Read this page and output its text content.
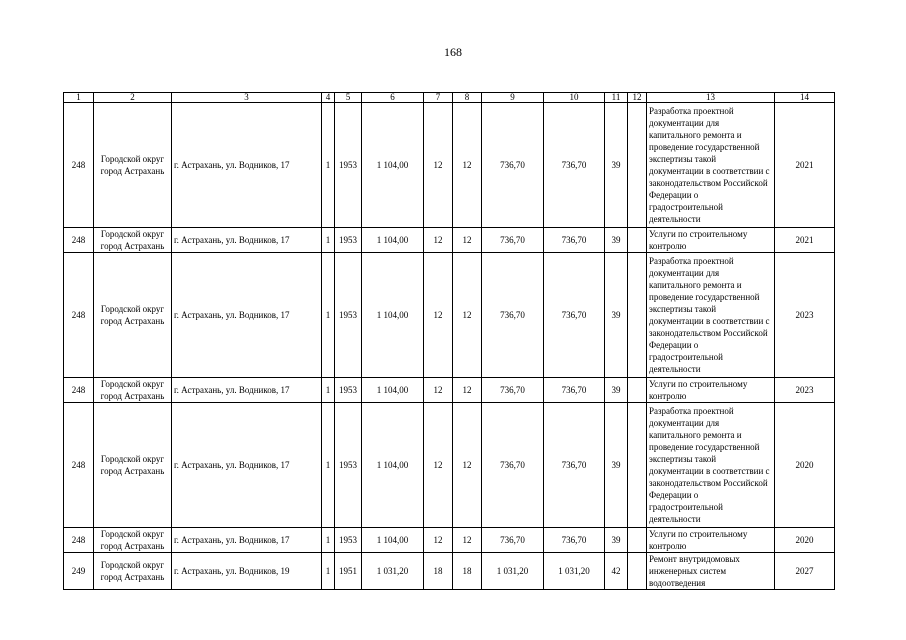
168
1	2	3	4	5	6	7	8	9	10	11	12	13	14
248	Городской округ город Астрахань	г. Астрахань, ул. Водников, 17	1	1953	1 104,00	12	12	736,70	736,70	39		Разработка проектной документации для капитального ремонта и проведение государственной экспертизы такой документации в соответствии с законодательством Российской Федерации о градостроительной деятельности	2021
248	Городской округ город Астрахань	г. Астрахань, ул. Водников, 17	1	1953	1 104,00	12	12	736,70	736,70	39		Услуги по строительному контролю	2021
248	Городской округ город Астрахань	г. Астрахань, ул. Водников, 17	1	1953	1 104,00	12	12	736,70	736,70	39		Разработка проектной документации для капитального ремонта и проведение государственной экспертизы такой документации в соответствии с законодательством Российской Федерации о градостроительной деятельности	2023
248	Городской округ город Астрахань	г. Астрахань, ул. Водников, 17	1	1953	1 104,00	12	12	736,70	736,70	39		Услуги по строительному контролю	2023
248	Городской округ город Астрахань	г. Астрахань, ул. Водников, 17	1	1953	1 104,00	12	12	736,70	736,70	39		Разработка проектной документации для капитального ремонта и проведение государственной экспертизы такой документации в соответствии с законодательством Российской Федерации о градостроительной деятельности	2020
248	Городской округ город Астрахань	г. Астрахань, ул. Водников, 17	1	1953	1 104,00	12	12	736,70	736,70	39		Услуги по строительному контролю	2020
249	Городской округ город Астрахань	г. Астрахань, ул. Водников, 19	1	1951	1 031,20	18	18	1 031,20	1 031,20	42		Ремонт внутридомовых инженерных систем водоотведения	2027
